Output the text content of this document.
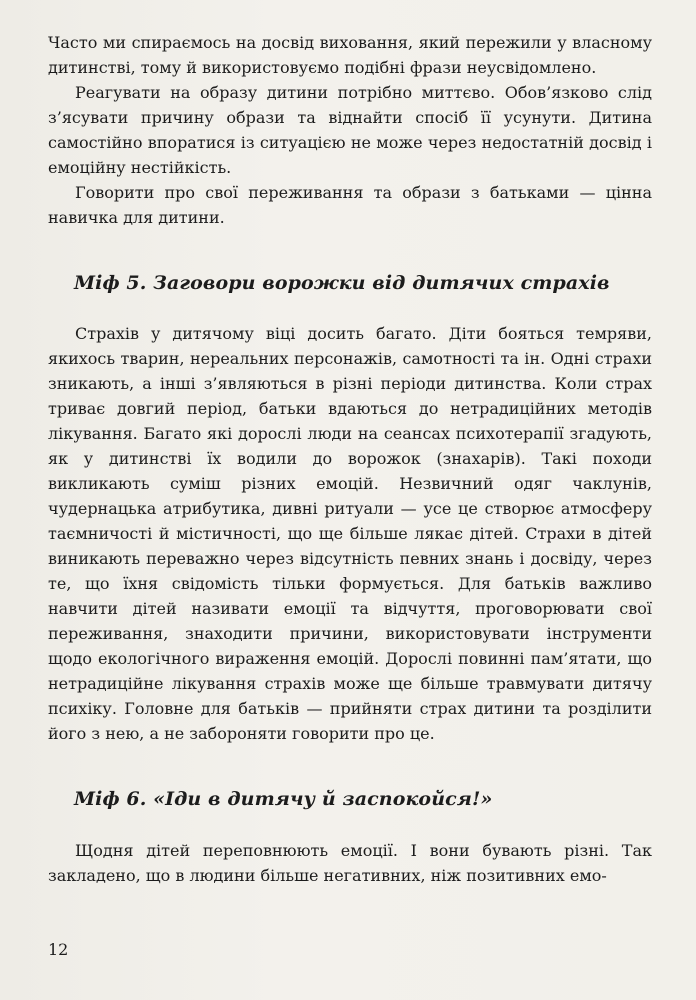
Часто ми спираємось на досвід виховання, який пережили у власному дитинстві, тому й використовуємо подібні фрази неусвідомлено.

Реагувати на образу дитини потрібно миттєво. Обов’язково слід з’ясувати причину образи та віднайти спосіб її усунути. Дитина самостійно впоратися із ситуацією не може через недостатній досвід і емоційну нестійкість.

Говорити про свої переживання та образи з батьками — цінна навичка для дитини.

Міф 5. Заговори ворожки від дитячих страхів

Страхів у дитячому віці досить багато. Діти бояться темряви, якихось тварин, нереальних персонажів, самотності та ін. Одні страхи зникають, а інші з’являються в різні періоди дитинства. Коли страх триває довгий період, батьки вдаються до нетрадиційних методів лікування. Багато які дорослі люди на сеансах психотерапії згадують, як у дитинстві їх водили до ворожок (знахарів). Такі походи викликають суміш різних емоцій. Незвичний одяг чаклунів, чудернацька атрибутика, дивні ритуали — усе це створює атмосферу таємничості й містичності, що ще більше лякає дітей. Страхи в дітей виникають переважно через відсутність певних знань і досвіду, через те, що їхня свідомість тільки формується. Для батьків важливо навчити дітей називати емоції та відчуття, проговорювати свої переживання, знаходити причини, використовувати інструменти щодо екологічного вираження емоцій. Дорослі повинні пам’ятати, що нетрадиційне лікування страхів може ще більше травмувати дитячу психіку. Головне для батьків — прийняти страх дитини та розділити його з нею, а не забороняти говорити про це.

Міф 6. «Іди в дитячу й заспокойся!»

Щодня дітей переповнюють емоції. І вони бувають різні. Так закладено, що в людини більше негативних, ніж позитивних емо-

12
